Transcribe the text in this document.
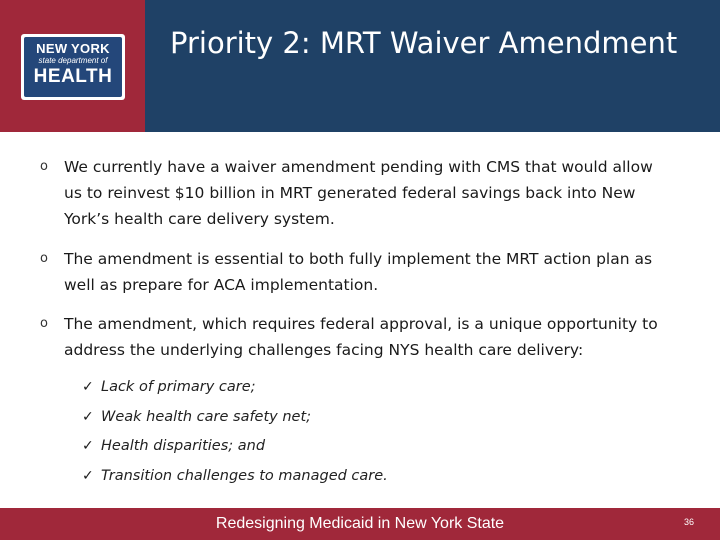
NEW YORK
state department of
HEALTH
Priority 2: MRT Waiver Amendment
o We currently have a waiver amendment pending with CMS that would allow us to reinvest $10 billion in MRT generated federal savings back into New York’s health care delivery system.
o The amendment is essential to both fully implement the MRT action plan as well as prepare for ACA implementation.
o The amendment, which requires federal approval, is a unique opportunity to address the underlying challenges facing NYS health care delivery:
✓ Lack of primary care;
✓ Weak health care safety net;
✓ Health disparities; and
✓ Transition challenges to managed care.
Redesigning Medicaid in New York State	36
